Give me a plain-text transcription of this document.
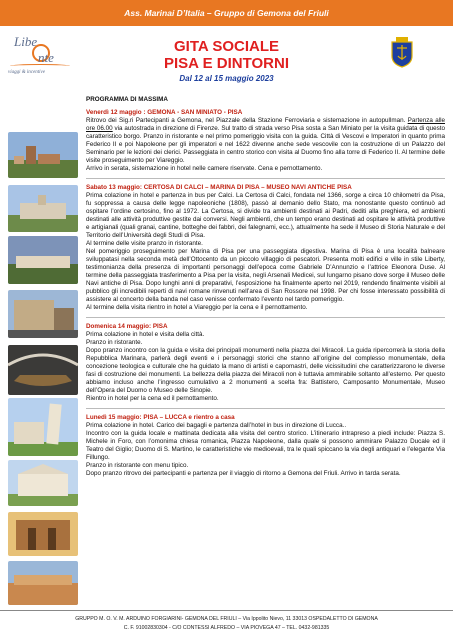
Ass. Marinai D’Italia – Gruppo di Gemona del Friuli
Libe
nte
viaggi & incentive
GITA SOCIALE
PISA E DINTORNI
Dal 12 al 15 maggio 2023

PROGRAMMA DI MASSIMA

Venerdì 12 maggio : GEMONA - SAN MINIATO - PISA

Ritrovo dei Sig.ri Partecipanti a Gemona, nel Piazzale della Stazione Ferroviaria e sistemazione in autopullman. Partenza alle ore 06.00 via autostrada in direzione di Firenze. Sul tratto di strada verso Pisa sosta a San Miniato per la visita guidata di questo caratteristico borgo. Pranzo in ristorante e nel primo pomeriggio visita con la guida. Città di Vescovi e Imperatori in quanto prima Federico II e poi Napoleone per gli imperatori e nel 1622 divenne anche sede vescovile con la costruzione di un Palazzo del Seminario per le lezioni dei clerici. Passeggiata in centro storico con visita al Duomo fino alla torre di Federico II. Al termine delle visite proseguimento per Viareggio.

Arrivo in serata, sistemazione in hotel nelle camere riservate. Cena e pernottamento.

Sabato 13 maggio: CERTOSA DI CALCI – MARINA DI PISA – MUSEO NAVI ANTICHE PISA

Prima colazione in hotel e partenza in bus per Calci. La Certosa di Calci, fondata nel 1366, sorge a circa 10 chilometri da Pisa, fu soppressa a causa delle legge napoleoniche (1808), passò al demanio dello Stato, ma nonostante questo continuò ad ospitare l’ordine certosino, fino al 1972. La Certosa, si divide tra ambienti destinati ai Padri, dediti alla preghiera, ed ambienti destinati alle attività produttive gestite dai conversi. Negli ambienti, che un tempo erano destinati ad ospitare le attività produttive e artigianali (quali granai, cantine, botteghe dei fabbri, dei falegnami, ecc.), attualmente ha sede il Museo di Storia Naturale e del Territorio dell’Università degli Studi di Pisa.

Al termine delle visite pranzo in ristorante.

Nel pomeriggio proseguimento per Marina di Pisa per una passeggiata digestiva. Marina di Pisa è una località balneare sviluppatasi nella seconda metà dell’Ottocento da un piccolo villaggio di pescatori. Presenta molti edifici e ville in stile Liberty, testimonianza della presenza di importanti personaggi dell’epoca come Gabriele D’Annunzio e l’attrice Eleonora Duse. Al termine della passeggiata trasferimento a Pisa per la visita, negli Arsenali Medicei, sul lungarno pisano dove sorge il Museo delle Navi antiche di Pisa. Dopo lunghi anni di preparativi, l’esposizione ha finalmente aperto nel 2019, rendendo finalmente visibili al pubblico gli incredibili reperti di navi romane rinvenuti nell’area di San Rossore nel 1998. Per chi fosse interessato possibilità di assistere al concerto della banda nel caso venisse confermato l’evento nel tardo pomeriggio.

Al termine della visita rientro in hotel a Viareggio per la cena e il pernottamento.

Domenica 14 maggio: PISA

Prima colazione in hotel e visita della città.

Pranzo in ristorante.

Dopo pranzo incontro con la guida e visita dei principali monumenti nella piazza dei Miracoli. La guida ripercorrerà la storia della Repubblica Marinara, parlerà degli eventi e i personaggi storici che stanno all’origine del complesso monumentale, della concezione teologica e culturale che ha guidato la mano di artisti e capomastri, delle vicissitudini che caratterizzarono le diverse fasi di costruzione dei monumenti. La bellezza della piazza dei Miracoli non è tuttavia ammirabile soltanto all’esterno. Per questo abbiamo incluso anche l’ingresso cumulativo a 2 monumenti a scelta fra: Battistero, Camposanto Monumentale, Museo dell’Opera del Duomo o Museo delle Sinopie.

Rientro in hotel per la cena ed il pernottamento.

Lunedì 15 maggio: PISA – LUCCA e rientro a casa

Prima colazione in hotel. Carico dei bagagli e partenza dall’hotel in bus in direzione di Lucca..

Incontro con la guida locale e mattinata dedicata alla visita del centro storico. L’itinerario intrapreso a piedi include: Piazza S. Michele in Foro, con l’omonima chiesa romanica, Piazza Napoleone, dalla quale si possono ammirare Palazzo Ducale ed il Teatro del Giglio; Duomo di S. Martino, le caratteristiche vie medioevali, tra le quali spiccano la via degli antiquari e l’elegante Via Fillungo.

Pranzo in ristorante con menu tipico.

Dopo pranzo ritrovo dei partecipanti e partenza per il viaggio di ritorno a Gemona del Friuli. Arrivo in tarda serata.

GRUPPO M. O. V. M. ARDUINO FORGIARINI- GEMONA DEL FRIULI – Via Ippolito Nievo, 11 33013 OSPEDALETTO DI GEMONA
C. F. 91002830304 - C/O CONTESSI ALFREDO – VIA PIOVEGA 47 – TEL. 0432-981335
